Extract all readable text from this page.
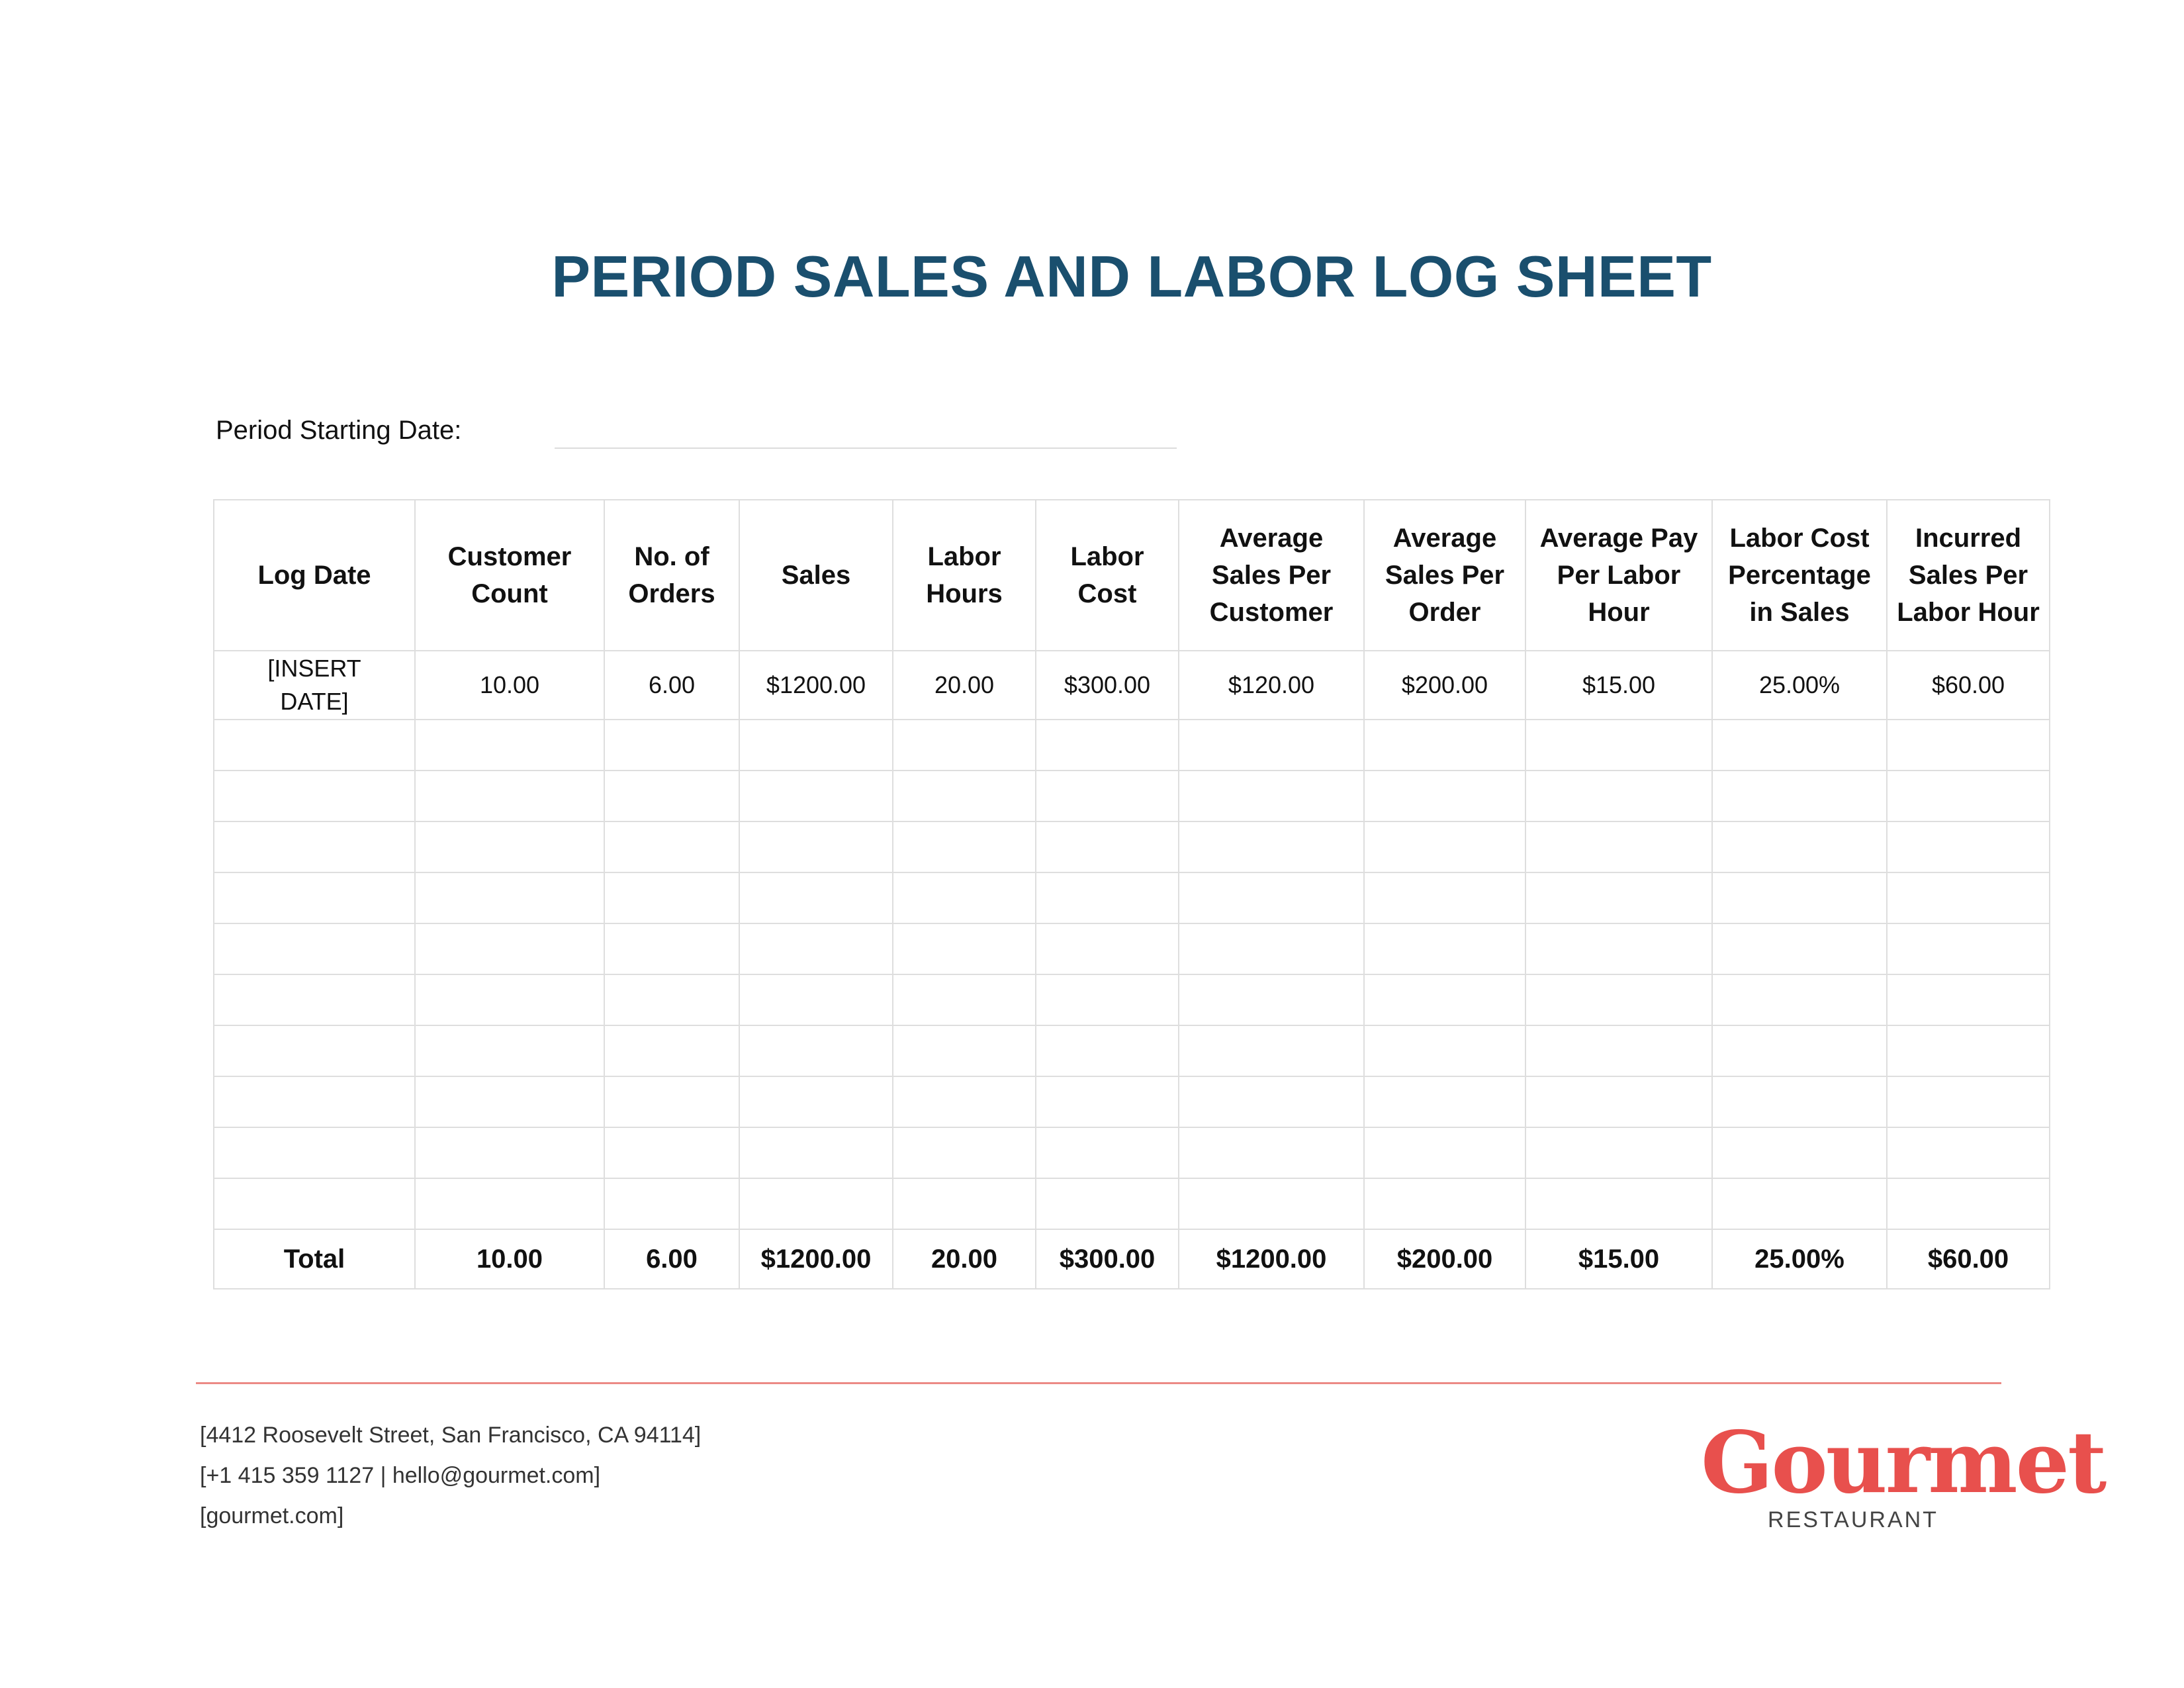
PERIOD SALES AND LABOR LOG SHEET
Period Starting Date:
Log Date	Customer Count	No. of Orders	Sales	Labor Hours	Labor Cost	Average Sales Per Customer	Average Sales Per Order	Average Pay Per Labor Hour	Labor Cost Percentage in Sales	Incurred Sales Per Labor Hour
[INSERT DATE]	10.00	6.00	$1200.00	20.00	$300.00	$120.00	$200.00	$15.00	25.00%	$60.00

Total	10.00	6.00	$1200.00	20.00	$300.00	$1200.00	$200.00	$15.00	25.00%	$60.00
[4412 Roosevelt Street, San Francisco, CA 94114]
[+1 415 359 1127 | hello@gourmet.com]
[gourmet.com]
Gourmet
RESTAURANT
